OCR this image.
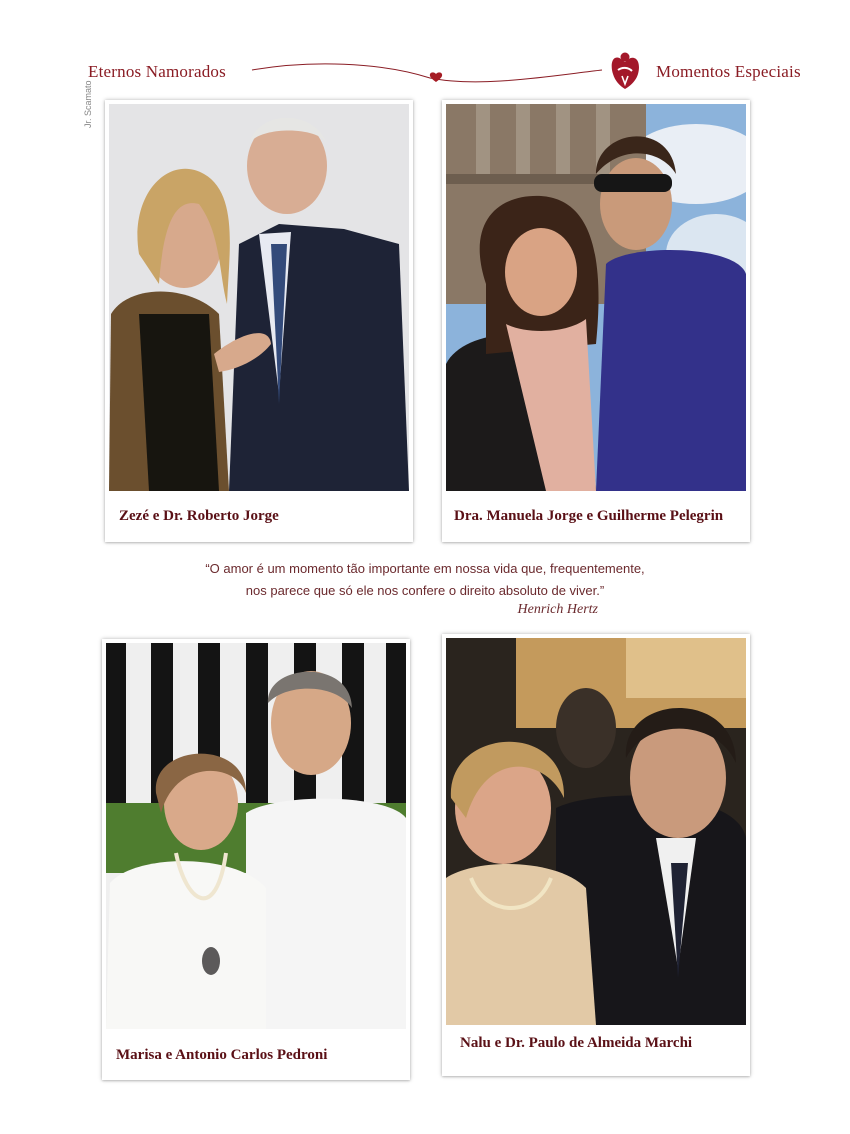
Eternos Namorados	Momentos Especiais
Jr. Scamato
Zezé e Dr. Roberto Jorge	Dra. Manuela Jorge e Guilherme Pelegrin
“O amor é um momento tão importante em nossa vida que, frequentemente,
nos parece que só ele nos confere o direito absoluto de viver.”
Henrich Hertz
Marisa e Antonio Carlos Pedroni
Nalu e Dr. Paulo de Almeida Marchi
